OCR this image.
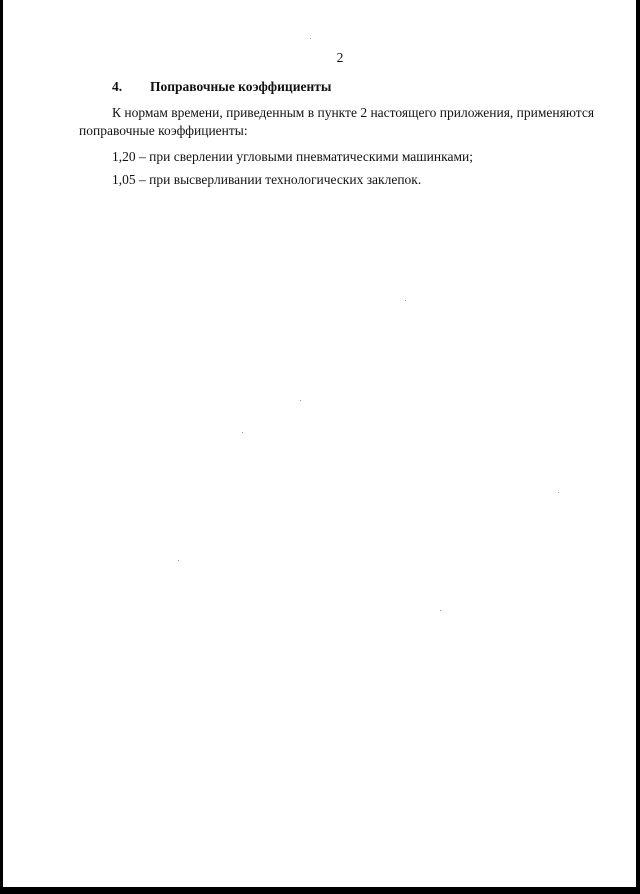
2
4. Поправочные коэффициенты
К нормам времени, приведенным в пункте 2 настоящего приложения, применяются
поправочные коэффициенты:
1,20 – при сверлении угловыми пневматическими машинками;
1,05 – при высверливании технологических заклепок.
